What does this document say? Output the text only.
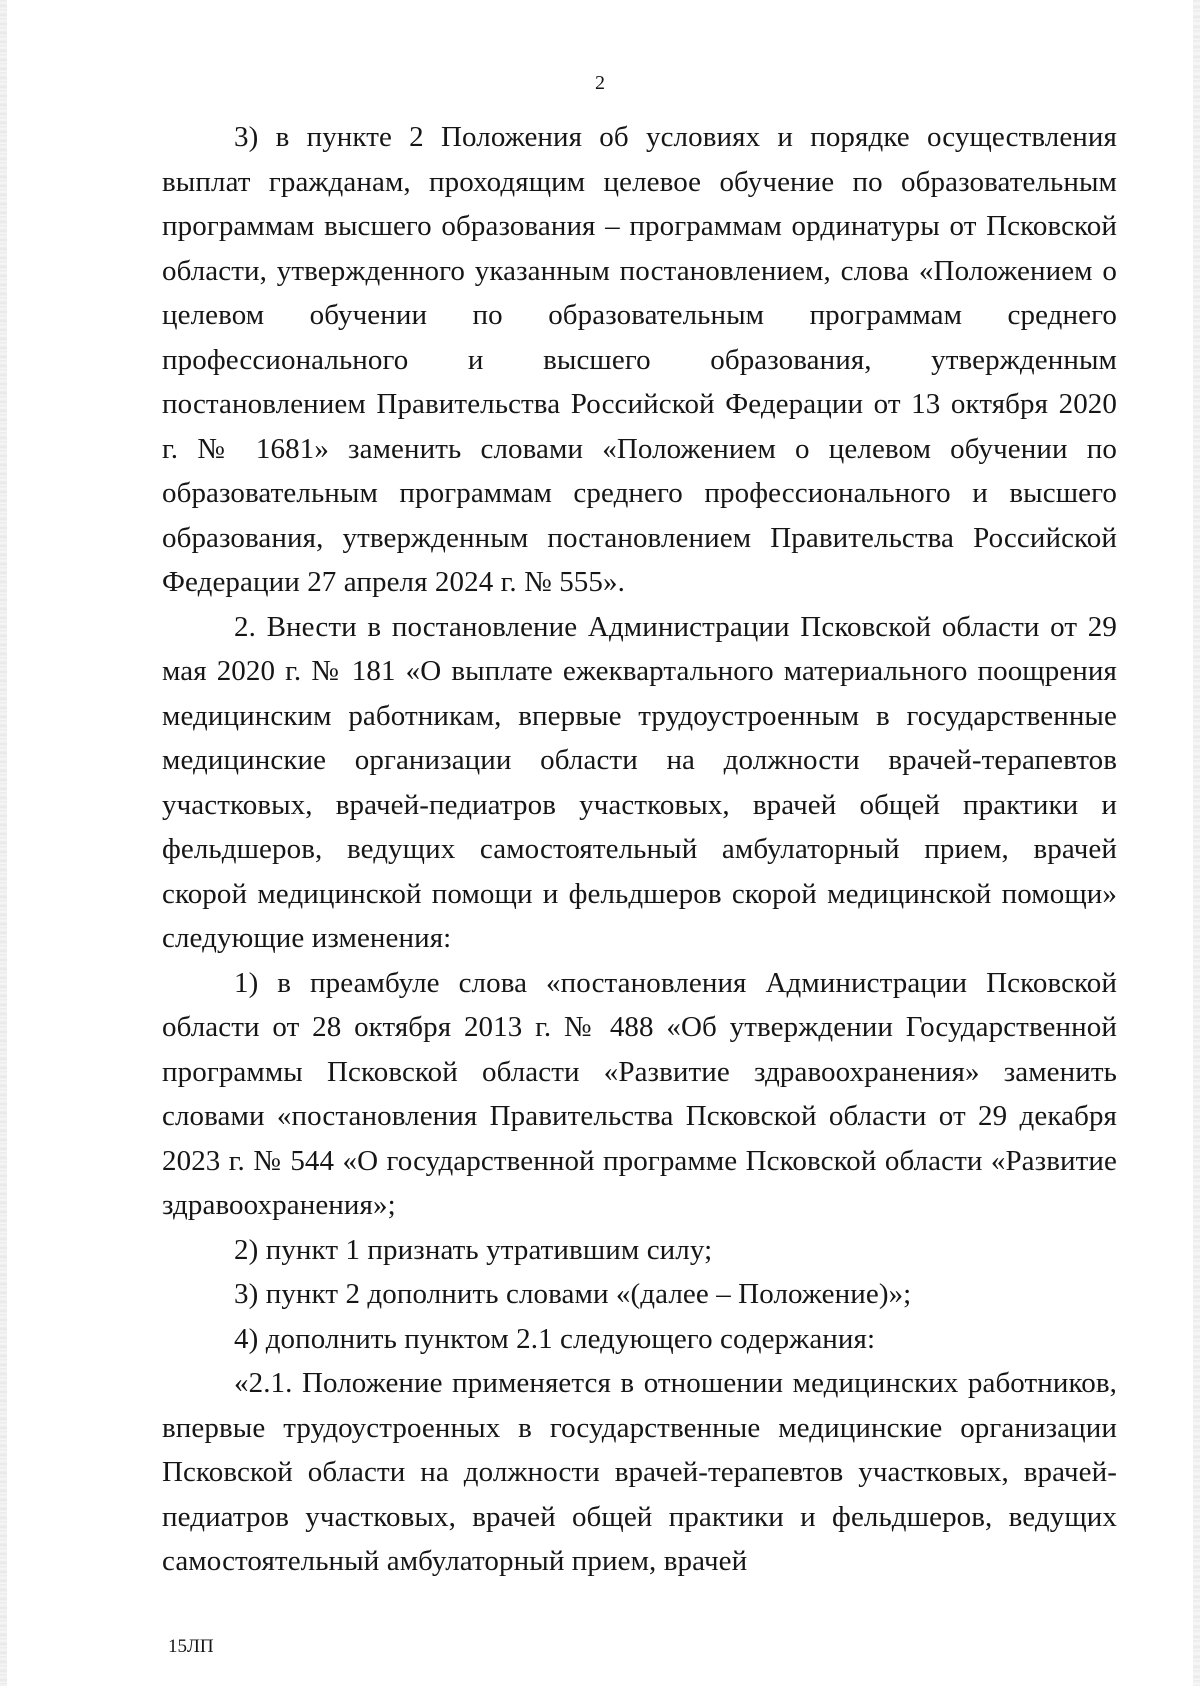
2

3) в пункте 2 Положения об условиях и порядке осуществления выплат гражданам, проходящим целевое обучение по образовательным программам высшего образования – программам ординатуры от Псковской области, утвержденного указанным постановлением, слова «Положением о целевом обучении по образовательным программам среднего профессионального и высшего образования, утвержденным постановлением Правительства Российской Федерации от 13 октября 2020 г. № 1681» заменить словами «Положением о целевом обучении по образовательным программам среднего профессионального и высшего образования, утвержденным постановлением Правительства Российской Федерации 27 апреля 2024 г. № 555».

2. Внести в постановление Администрации Псковской области от 29 мая 2020 г. № 181 «О выплате ежеквартального материального поощрения медицинским работникам, впервые трудоустроенным в государственные медицинские организации области на должности врачей-терапевтов участковых, врачей-педиатров участковых, врачей общей практики и фельдшеров, ведущих самостоятельный амбулаторный прием, врачей скорой медицинской помощи и фельдшеров скорой медицинской помощи» следующие изменения:

1) в преамбуле слова «постановления Администрации Псковской области от 28 октября 2013 г. № 488 «Об утверждении Государственной программы Псковской области «Развитие здравоохранения» заменить словами «постановления Правительства Псковской области от 29 декабря 2023 г. № 544 «О государственной программе Псковской области «Развитие здравоохранения»;

2) пункт 1 признать утратившим силу;

3) пункт 2 дополнить словами «(далее – Положение)»;

4) дополнить пунктом 2.1 следующего содержания:

«2.1. Положение применяется в отношении медицинских работников, впервые трудоустроенных в государственные медицинские организации Псковской области на должности врачей-терапевтов участковых, врачей-педиатров участковых, врачей общей практики и фельдшеров, ведущих самостоятельный амбулаторный прием, врачей

15ЛП
